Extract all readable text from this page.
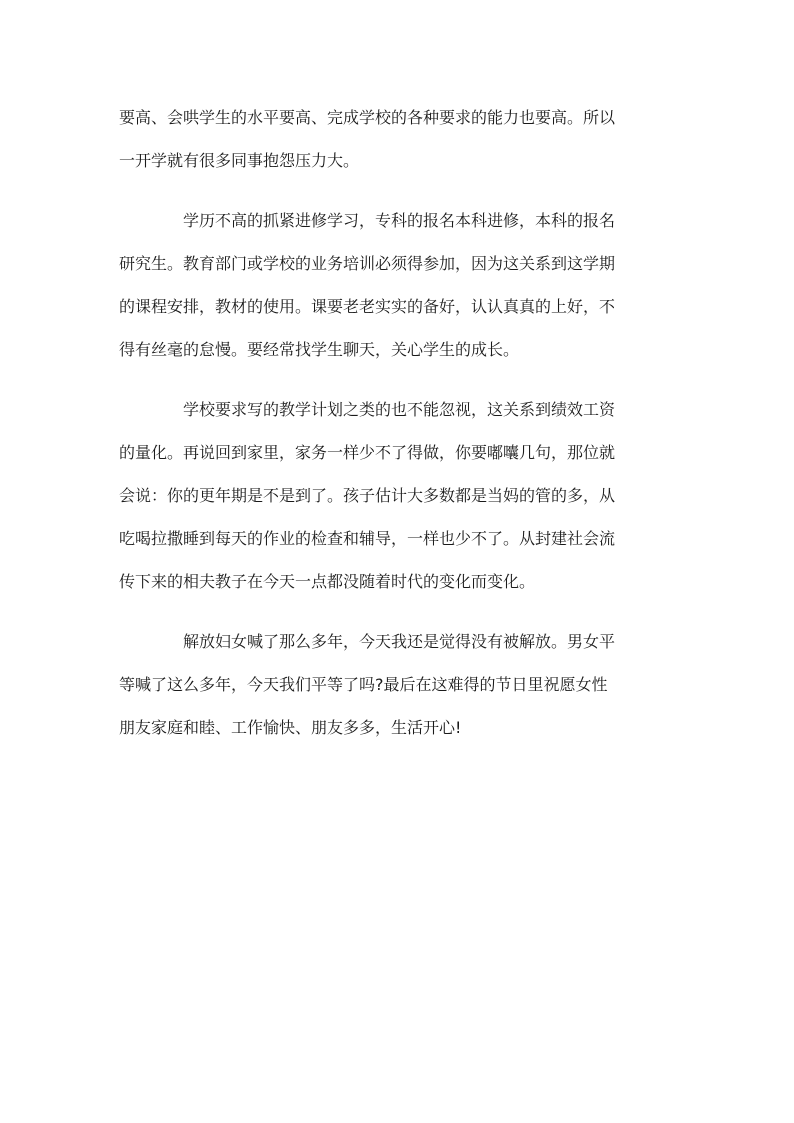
要高、会哄学生的水平要高、完成学校的各种要求的能力也要高。所以
一开学就有很多同事抱怨压力大。
学历不高的抓紧进修学习，专科的报名本科进修，本科的报名
研究生。教育部门或学校的业务培训必须得参加，因为这关系到这学期
的课程安排，教材的使用。课要老老实实的备好，认认真真的上好，不
得有丝毫的怠慢。要经常找学生聊天，关心学生的成长。
学校要求写的教学计划之类的也不能忽视，这关系到绩效工资
的量化。再说回到家里，家务一样少不了得做，你要嘟囔几句，那位就
会说：你的更年期是不是到了。孩子估计大多数都是当妈的管的多，从
吃喝拉撒睡到每天的作业的检查和辅导，一样也少不了。从封建社会流
传下来的相夫教子在今天一点都没随着时代的变化而变化。
解放妇女喊了那么多年，今天我还是觉得没有被解放。男女平
等喊了这么多年，今天我们平等了吗?最后在这难得的节日里祝愿女性
朋友家庭和睦、工作愉快、朋友多多，生活开心!
